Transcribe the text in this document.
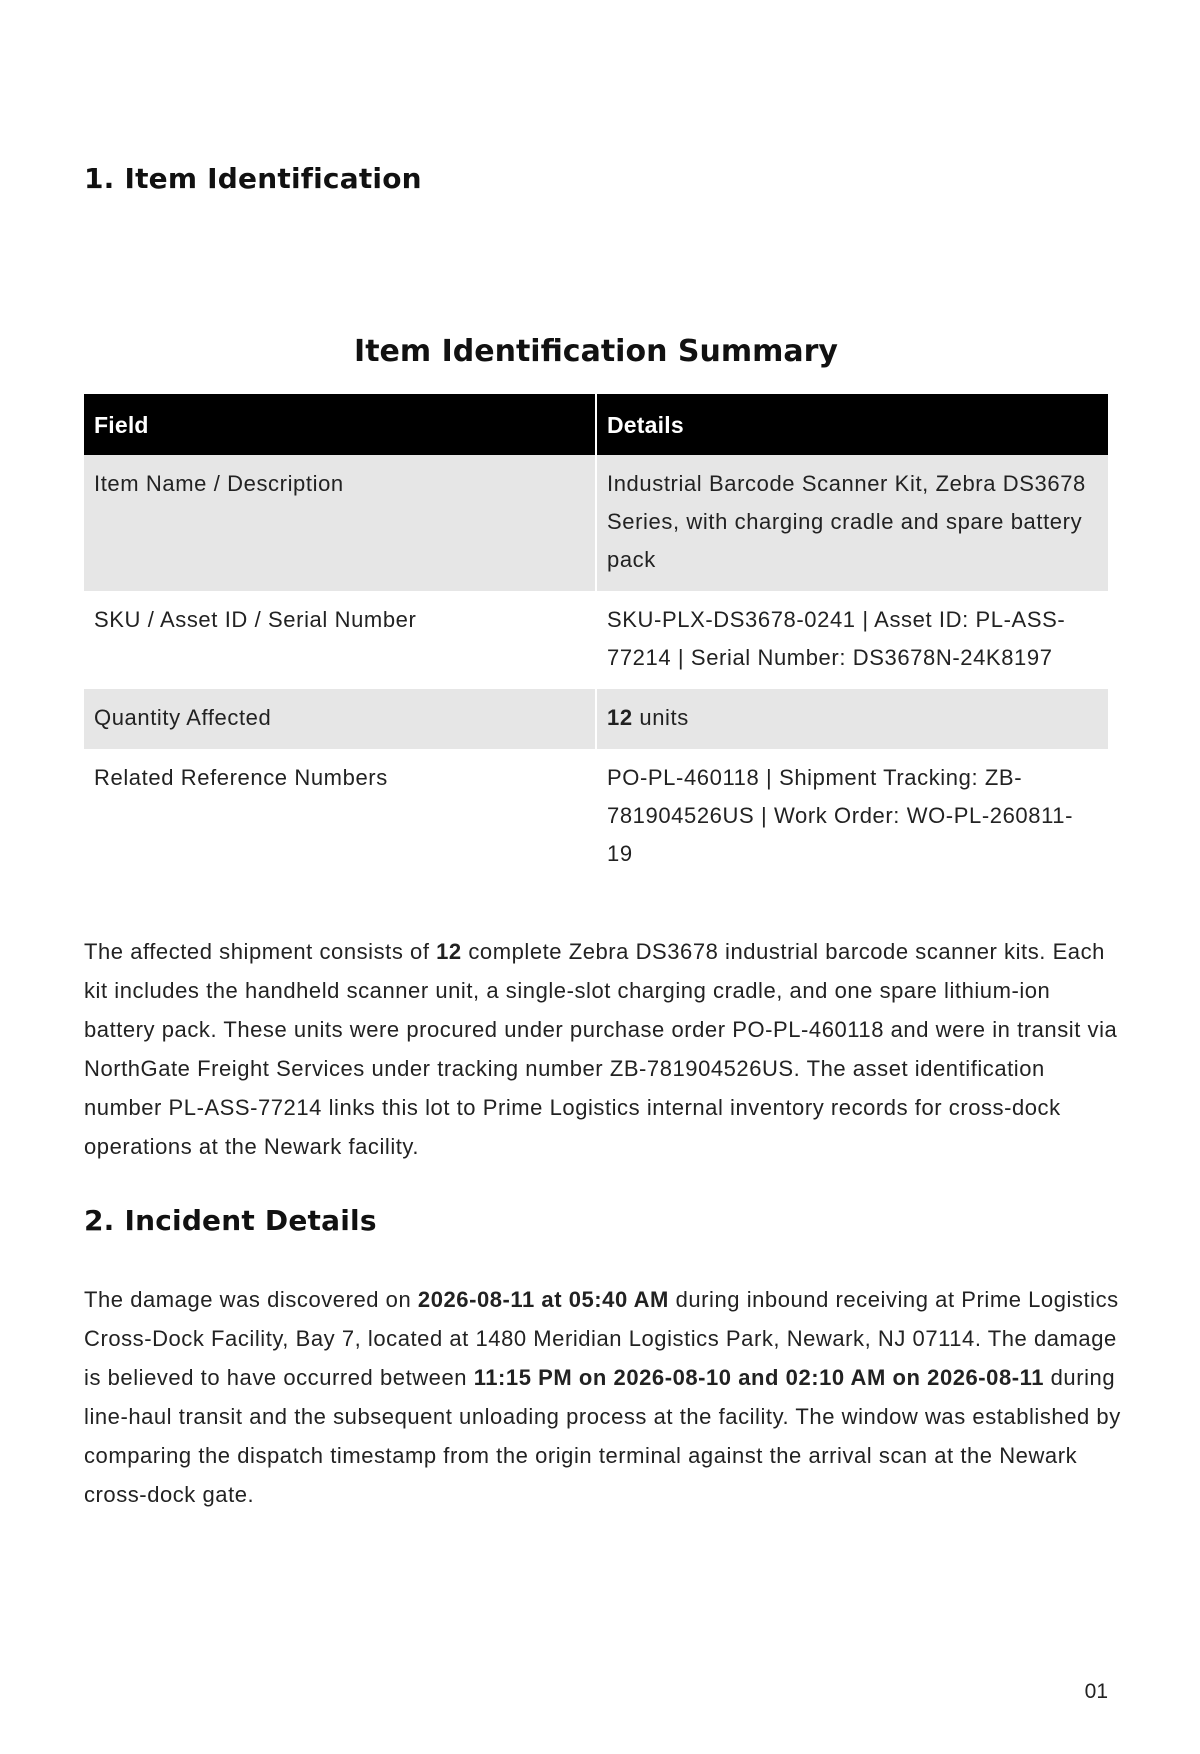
1. Item Identification
Item Identification Summary
Field	Details
Item Name / Description	Industrial Barcode Scanner Kit, Zebra DS3678 Series, with charging cradle and spare battery pack
SKU / Asset ID / Serial Number	SKU-PLX-DS3678-0241 | Asset ID: PL-ASS-77214 | Serial Number: DS3678N-24K8197
Quantity Affected	12 units
Related Reference Numbers	PO-PL-460118 | Shipment Tracking: ZB-781904526US | Work Order: WO-PL-260811-19

The affected shipment consists of 12 complete Zebra DS3678 industrial barcode scanner kits. Each kit includes the handheld scanner unit, a single-slot charging cradle, and one spare lithium-ion battery pack. These units were procured under purchase order PO-PL-460118 and were in transit via NorthGate Freight Services under tracking number ZB-781904526US. The asset identification number PL-ASS-77214 links this lot to Prime Logistics internal inventory records for cross-dock operations at the Newark facility.

2. Incident Details

The damage was discovered on 2026-08-11 at 05:40 AM during inbound receiving at Prime Logistics Cross-Dock Facility, Bay 7, located at 1480 Meridian Logistics Park, Newark, NJ 07114. The damage is believed to have occurred between 11:15 PM on 2026-08-10 and 02:10 AM on 2026-08-11 during line-haul transit and the subsequent unloading process at the facility. The window was established by comparing the dispatch timestamp from the origin terminal against the arrival scan at the Newark cross-dock gate.

01
